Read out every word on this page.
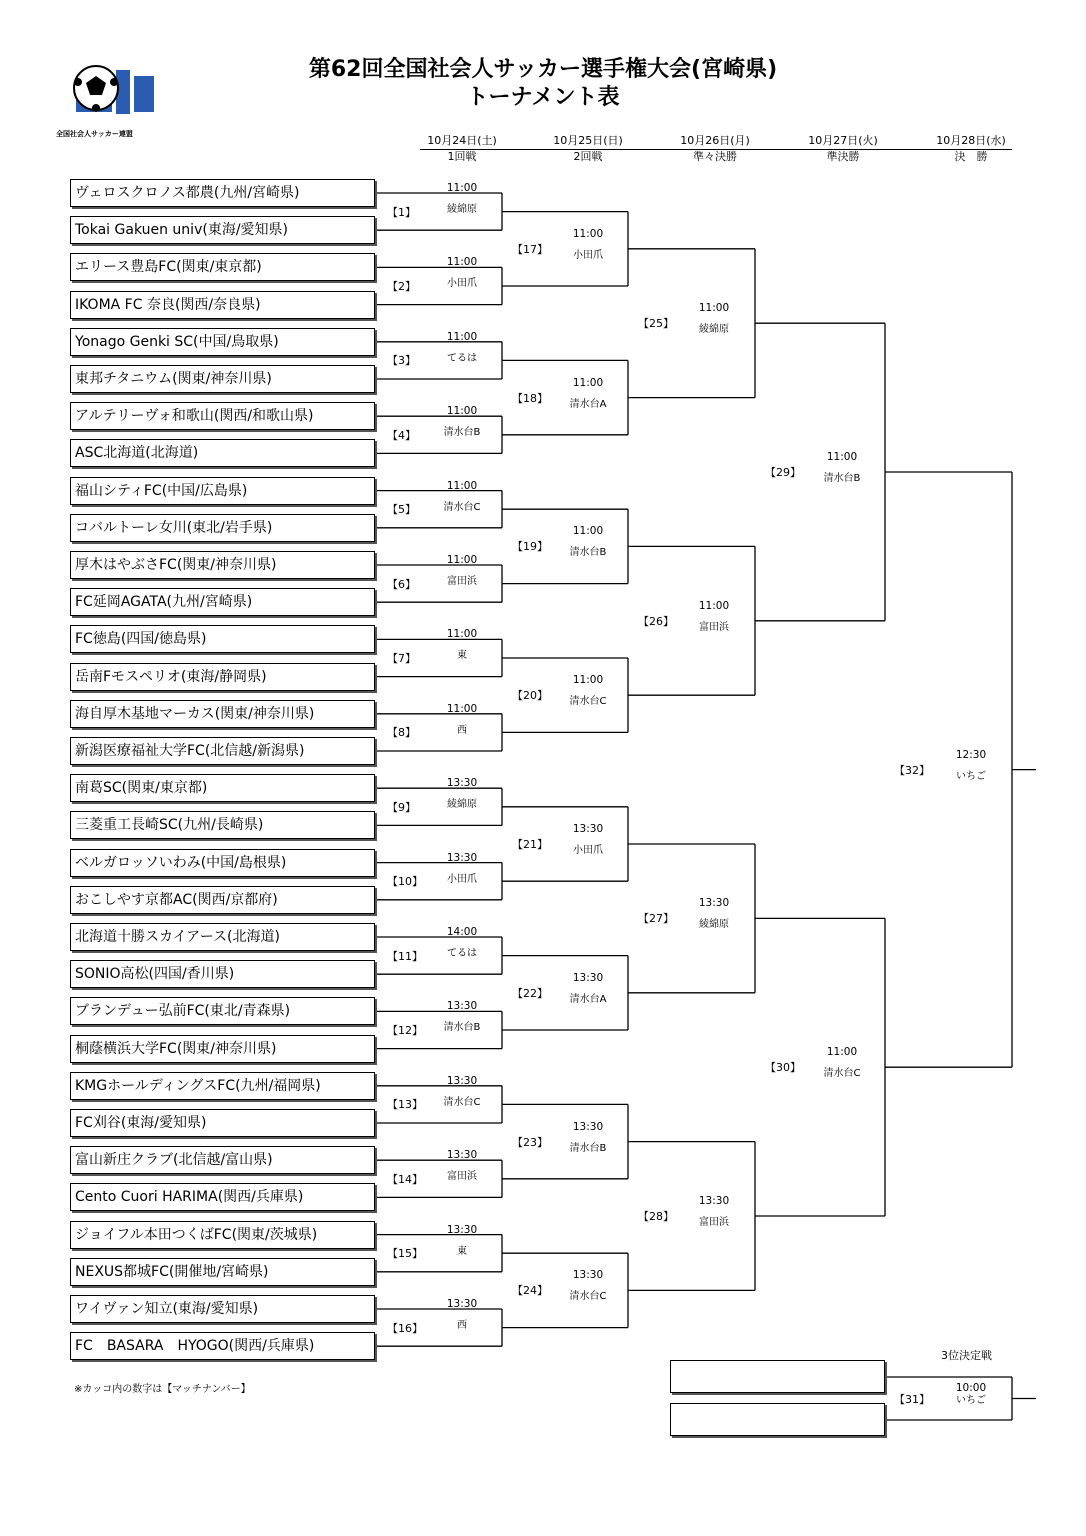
第62回全国社会人サッカー選手権大会(宮崎県)
トーナメント表
全国社会人サッカー連盟	10月24日(土)
1回戦
10月25日(日)
2回戦
10月26日(月)
準々決勝
10月27日(火)
準決勝
10月28日(水)
決　勝
ヴェロスクロノス都農(九州/宮崎県)
Tokai Gakuen univ(東海/愛知県)
エリース豊島FC(関東/東京都)
IKOMA FC 奈良(関西/奈良県)
Yonago Genki SC(中国/鳥取県)
東邦チタニウム(関東/神奈川県)
アルテリーヴォ和歌山(関西/和歌山県)
ASC北海道(北海道)
福山シティFC(中国/広島県)
コバルトーレ女川(東北/岩手県)
厚木はやぶさFC(関東/神奈川県)
FC延岡AGATA(九州/宮崎県)
FC徳島(四国/徳島県)
岳南Fモスペリオ(東海/静岡県)
海自厚木基地マーカス(関東/神奈川県)
新潟医療福祉大学FC(北信越/新潟県)
南葛SC(関東/東京都)
三菱重工長崎SC(九州/長崎県)
ベルガロッソいわみ(中国/島根県)
おこしやす京都AC(関西/京都府)
北海道十勝スカイアース(北海道)
SONIO高松(四国/香川県)
ブランデュー弘前FC(東北/青森県)
桐蔭横浜大学FC(関東/神奈川県)
KMGホールディングスFC(九州/福岡県)
FC刈谷(東海/愛知県)
富山新庄クラブ(北信越/富山県)
Cento Cuori HARIMA(関西/兵庫県)
ジョイフル本田つくばFC(関東/茨城県)
NEXUS都城FC(開催地/宮崎県)
ワイヴァン知立(東海/愛知県)
FC　BASARA　HYOGO(関西/兵庫県)
【1】
11:00
綾綿原
【2】
11:00
小田爪
【3】
11:00
てるは
【4】
11:00
清水台B
【5】
11:00
清水台C
【6】
11:00
富田浜
【7】
11:00
東
【8】
11:00
西
【9】
13:30
綾綿原
【10】
13:30
小田爪
【11】
14:00
てるは
【12】
13:30
清水台B
【13】
13:30
清水台C
【14】
13:30
富田浜
【15】
13:30
東
【16】
13:30
西
【17】
11:00
小田爪
【18】
11:00
清水台A
【19】
11:00
清水台B
【20】
11:00
清水台C
【21】
13:30
小田爪
【22】
13:30
清水台A
【23】
13:30
清水台B
【24】
13:30
清水台C
【25】
11:00
綾綿原
【26】
11:00
富田浜
【27】
13:30
綾綿原
【28】
13:30
富田浜
【29】
11:00
清水台B
【30】
11:00
清水台C
【32】
12:30
いちご
【31】
10:00
いちご
3位決定戦
※カッコ内の数字は【マッチナンバー】
